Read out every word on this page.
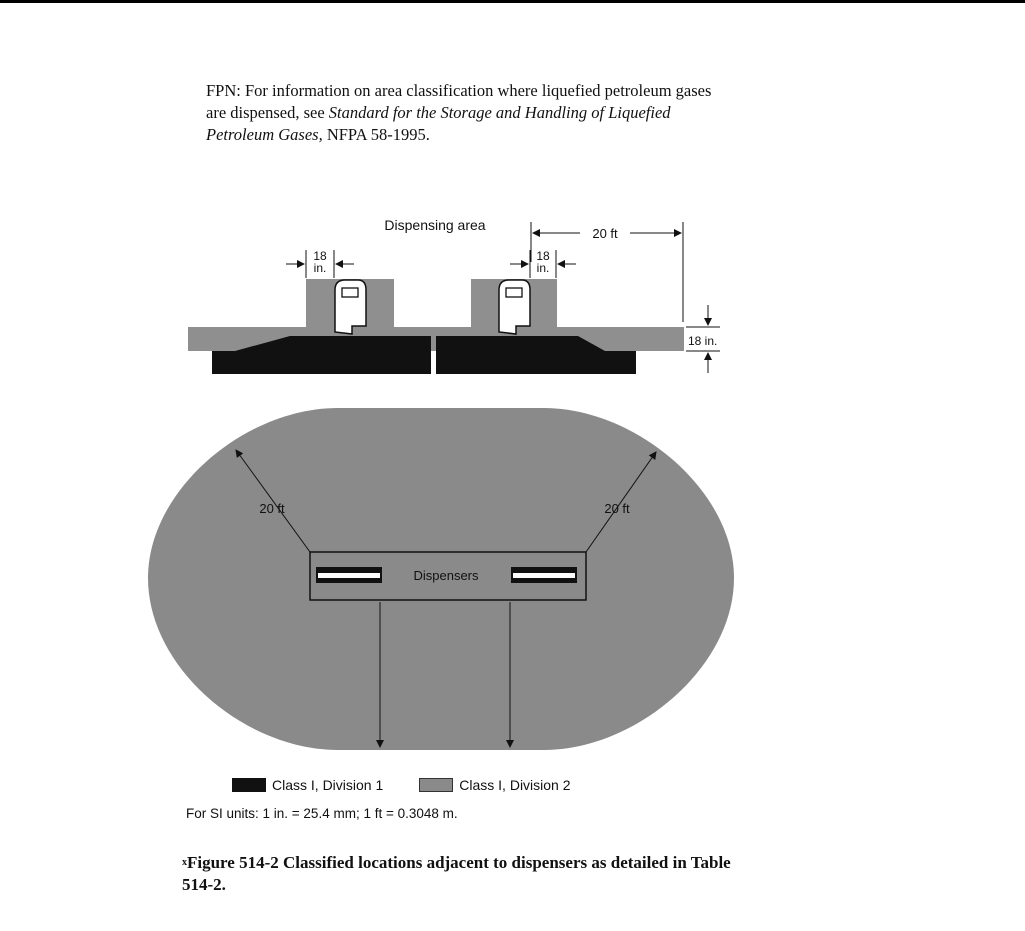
FPN: For information on area classification where liquefied petroleum gases are dispensed, see Standard for the Storage and Handling of Liquefied Petroleum Gases, NFPA 58-1995.
Dispensing area
20 ft
18
in.
18
in.
18 in.
Dispensers
20 ft	20 ft
Class I, Division 1	Class I, Division 2
For SI units: 1 in. = 25.4 mm; 1 ft = 0.3048 m.
$^x$Figure 514-2 Classified locations adjacent to dispensers as detailed in Table 514-2.
